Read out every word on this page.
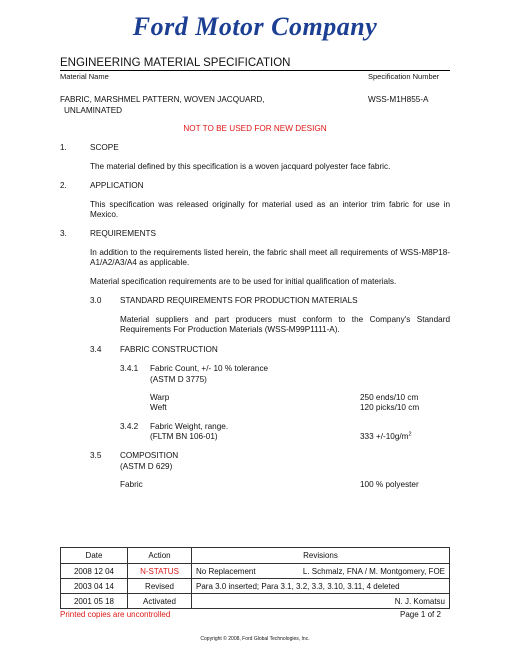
Ford Motor Company
ENGINEERING MATERIAL SPECIFICATION
Material Name	Specification Number
FABRIC, MARSHMEL PATTERN, WOVEN JACQUARD,
UNLAMINATED
WSS-M1H855-A
NOT TO BE USED FOR NEW DESIGN
1.	SCOPE
The material defined by this specification is a woven jacquard polyester face fabric.
2.	APPLICATION
This specification was released originally for material used as an interior trim fabric for use in Mexico.
3.	REQUIREMENTS
In addition to the requirements listed herein, the fabric shall meet all requirements of WSS-M8P18-A1/A2/A3/A4 as applicable.
Material specification requirements are to be used for initial qualification of materials.
3.0 STANDARD REQUIREMENTS FOR PRODUCTION MATERIALS
Material suppliers and part producers must conform to the Company's Standard Requirements For Production Materials (WSS-M99P1111-A).
3.4 FABRIC CONSTRUCTION
3.4.1 Fabric Count, +/- 10 % tolerance
(ASTM D 3775)
Warp	250 ends/10 cm
Weft	120 picks/10 cm
3.4.2 Fabric Weight, range.
(FLTM BN 106-01)	$333 +/-10g/m^2$
3.5 COMPOSITION
(ASTM D 629)
Fabric	100 % polyester
Date	Action	Revisions	
2008 12 04	N-STATUS	No Replacement	L. Schmalz, FNA / M. Montgomery, FOE
2003 04 14	Revised	Para 3.0 inserted; Para 3.1, 3.2, 3.3, 3.10, 3.11, 4 deleted	
2001 05 18	Activated	N. J. Komatsu	
Printed copies are uncontrolled	Page 1 of 2
Copyright © 2008, Ford Global Technologies, Inc.
